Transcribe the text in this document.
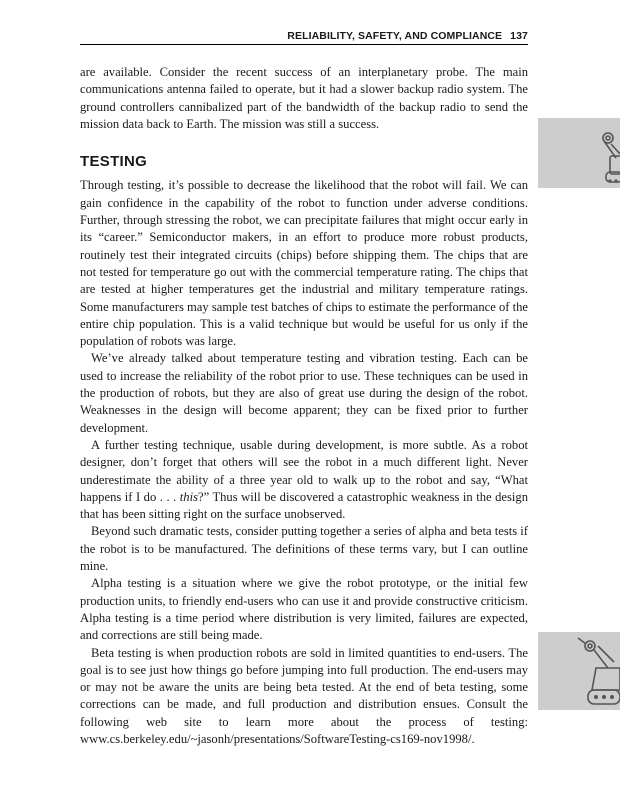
RELIABILITY, SAFETY, AND COMPLIANCE 137

are available. Consider the recent success of an interplanetary probe. The main communications antenna failed to operate, but it had a slower backup radio system. The ground controllers cannibalized part of the bandwidth of the backup radio to send the mission data back to Earth. The mission was still a success.

TESTING

Through testing, it’s possible to decrease the likelihood that the robot will fail. We can gain confidence in the capability of the robot to function under adverse conditions. Further, through stressing the robot, we can precipitate failures that might occur early in its “career.” Semiconductor makers, in an effort to produce more robust products, routinely test their integrated circuits (chips) before shipping them. The chips that are not tested for temperature go out with the commercial temperature rating. The chips that are tested at higher temperatures get the industrial and military temperature ratings. Some manufacturers may sample test batches of chips to estimate the performance of the entire chip population. This is a valid technique but would be useful for us only if the population of robots was large.

We’ve already talked about temperature testing and vibration testing. Each can be used to increase the reliability of the robot prior to use. These techniques can be used in the production of robots, but they are also of great use during the design of the robot. Weaknesses in the design will become apparent; they can be fixed prior to further development.

A further testing technique, usable during development, is more subtle. As a robot designer, don’t forget that others will see the robot in a much different light. Never underestimate the ability of a three year old to walk up to the robot and say, “What happens if I do . . . this?” Thus will be discovered a catastrophic weakness in the design that has been sitting right on the surface unobserved.

Beyond such dramatic tests, consider putting together a series of alpha and beta tests if the robot is to be manufactured. The definitions of these terms vary, but I can outline mine.

Alpha testing is a situation where we give the robot prototype, or the initial few production units, to friendly end-users who can use it and provide constructive criticism. Alpha testing is a time period where distribution is very limited, failures are expected, and corrections are still being made.

Beta testing is when production robots are sold in limited quantities to end-users. The goal is to see just how things go before jumping into full production. The end-users may or may not be aware the units are being beta tested. At the end of beta testing, some corrections can be made, and full production and distribution ensues. Consult the following web site to learn more about the process of testing: www.cs.berkeley.edu/~jasonh/presentations/SoftwareTesting-cs169-nov1998/.
